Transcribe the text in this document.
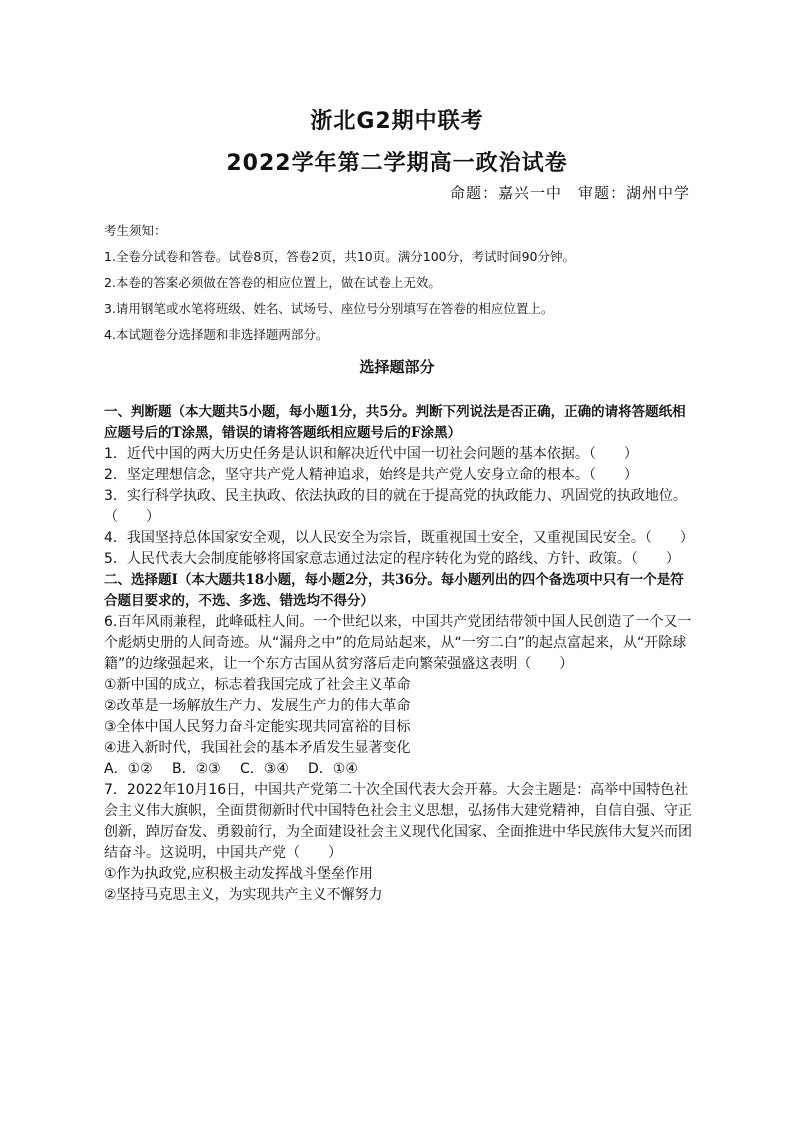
浙北G2期中联考
2022学年第二学期高一政治试卷
命题：嘉兴一中　审题：湖州中学
考生须知：
1.全卷分试卷和答卷。试卷8页，答卷2页，共10页。满分100分，考试时间90分钟。
2.本卷的答案必须做在答卷的相应位置上，做在试卷上无效。
3.请用钢笔或水笔将班级、姓名、试场号、座位号分别填写在答卷的相应位置上。
4.本试题卷分选择题和非选择题两部分。
选择题部分

一、判断题（本大题共5小题，每小题1分，共5分。判断下列说法是否正确，正确的请将答题纸相应题号后的T涂黑，错误的请将答题纸相应题号后的F涂黑）

1．近代中国的两大历史任务是认识和解决近代中国一切社会问题的基本依据。（　　）

2．坚定理想信念，坚守共产党人精神追求，始终是共产党人安身立命的根本。（　　）

3．实行科学执政、民主执政、依法执政的目的就在于提高党的执政能力、巩固党的执政地位。（　　）

4．我国坚持总体国家安全观，以人民安全为宗旨，既重视国土安全，又重视国民安全。（　　）

5．人民代表大会制度能够将国家意志通过法定的程序转化为党的路线、方针、政策。（　　）

二、选择题Ⅰ（本大题共18小题，每小题2分，共36分。每小题列出的四个备选项中只有一个是符合题目要求的，不选、多选、错选均不得分）

6.百年风雨兼程，此峰砥柱人间。一个世纪以来，中国共产党团结带领中国人民创造了一个又一个彪炳史册的人间奇迹。从“漏舟之中”的危局站起来，从“一穷二白”的起点富起来，从“开除球籍”的边缘强起来，让一个东方古国从贫穷落后走向繁荣强盛这表明（　　）

①新中国的成立，标志着我国完成了社会主义革命

②改革是一场解放生产力、发展生产力的伟大革命

③全体中国人民努力奋斗定能实现共同富裕的目标

④进入新时代，我国社会的基本矛盾发生显著变化

A．①② B．②③ C．③④ D．①④

7．2022年10月16日，中国共产党第二十次全国代表大会开幕。大会主题是：高举中国特色社会主义伟大旗帜，全面贯彻新时代中国特色社会主义思想，弘扬伟大建党精神，自信自强、守正创新，踔厉奋发、勇毅前行，为全面建设社会主义现代化国家、全面推进中华民族伟大复兴而团结奋斗。这说明，中国共产党（　　）

①作为执政党,应积极主动发挥战斗堡垒作用

②坚持马克思主义，为实现共产主义不懈努力
